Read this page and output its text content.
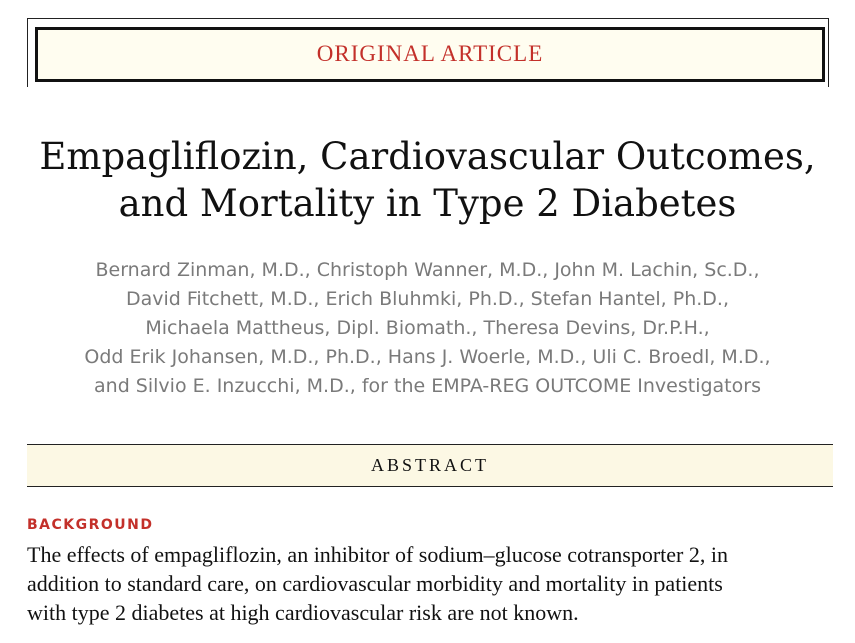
ORIGINAL ARTICLE
Empagliflozin, Cardiovascular Outcomes,
and Mortality in Type 2 Diabetes
Bernard Zinman, M.D., Christoph Wanner, M.D., John M. Lachin, Sc.D.,
David Fitchett, M.D., Erich Bluhmki, Ph.D., Stefan Hantel, Ph.D.,
Michaela Mattheus, Dipl. Biomath., Theresa Devins, Dr.P.H.,
Odd Erik Johansen, M.D., Ph.D., Hans J. Woerle, M.D., Uli C. Broedl, M.D.,
and Silvio E. Inzucchi, M.D., for the EMPA-REG OUTCOME Investigators
ABSTRACT
BACKGROUND
The effects of empagliflozin, an inhibitor of sodium–glucose cotransporter 2, in
addition to standard care, on cardiovascular morbidity and mortality in patients
with type 2 diabetes at high cardiovascular risk are not known.
